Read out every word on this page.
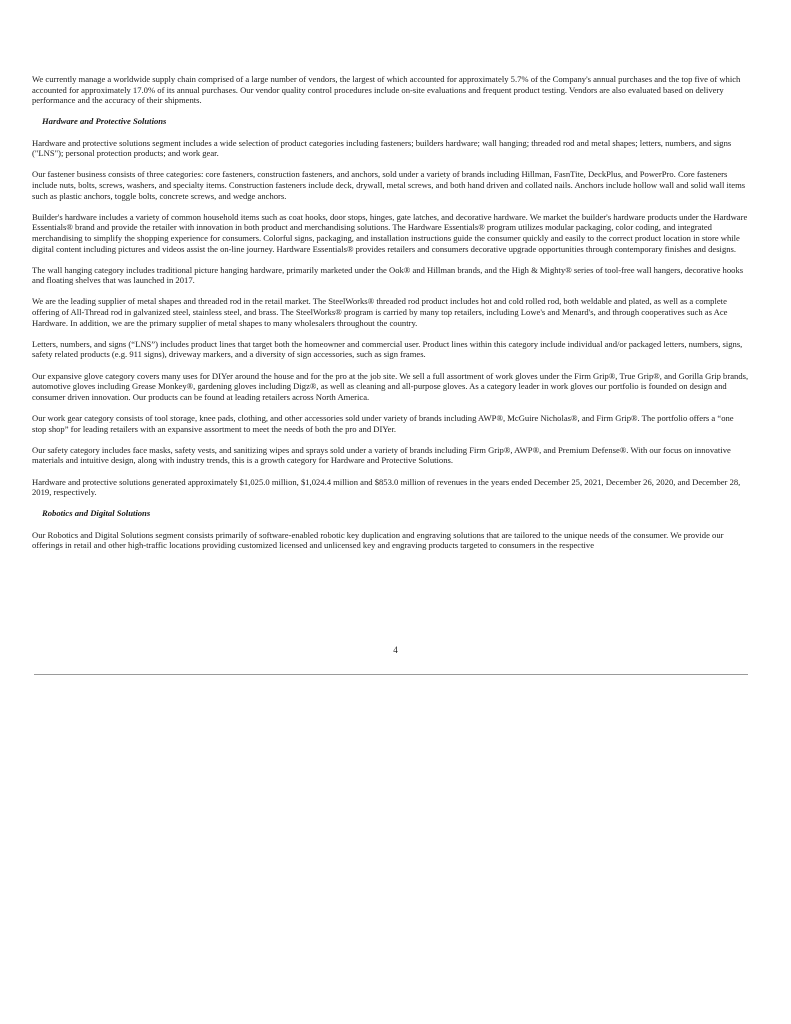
We currently manage a worldwide supply chain comprised of a large number of vendors, the largest of which accounted for approximately 5.7% of the Company's annual purchases and the top five of which accounted for approximately 17.0% of its annual purchases. Our vendor quality control procedures include on-site evaluations and frequent product testing. Vendors are also evaluated based on delivery performance and the accuracy of their shipments.

Hardware and Protective Solutions

Hardware and protective solutions segment includes a wide selection of product categories including fasteners; builders hardware; wall hanging; threaded rod and metal shapes; letters, numbers, and signs ("LNS"); personal protection products; and work gear.

Our fastener business consists of three categories: core fasteners, construction fasteners, and anchors, sold under a variety of brands including Hillman, FasnTite, DeckPlus, and PowerPro. Core fasteners include nuts, bolts, screws, washers, and specialty items. Construction fasteners include deck, drywall, metal screws, and both hand driven and collated nails. Anchors include hollow wall and solid wall items such as plastic anchors, toggle bolts, concrete screws, and wedge anchors.

Builder's hardware includes a variety of common household items such as coat hooks, door stops, hinges, gate latches, and decorative hardware. We market the builder's hardware products under the Hardware Essentials® brand and provide the retailer with innovation in both product and merchandising solutions. The Hardware Essentials® program utilizes modular packaging, color coding, and integrated merchandising to simplify the shopping experience for consumers. Colorful signs, packaging, and installation instructions guide the consumer quickly and easily to the correct product location in store while digital content including pictures and videos assist the on-line journey. Hardware Essentials® provides retailers and consumers decorative upgrade opportunities through contemporary finishes and designs.

The wall hanging category includes traditional picture hanging hardware, primarily marketed under the Ook® and Hillman brands, and the High & Mighty® series of tool-free wall hangers, decorative hooks and floating shelves that was launched in 2017.

We are the leading supplier of metal shapes and threaded rod in the retail market. The SteelWorks® threaded rod product includes hot and cold rolled rod, both weldable and plated, as well as a complete offering of All-Thread rod in galvanized steel, stainless steel, and brass. The SteelWorks® program is carried by many top retailers, including Lowe's and Menard's, and through cooperatives such as Ace Hardware. In addition, we are the primary supplier of metal shapes to many wholesalers throughout the country.

Letters, numbers, and signs (“LNS”) includes product lines that target both the homeowner and commercial user. Product lines within this category include individual and/or packaged letters, numbers, signs, safety related products (e.g. 911 signs), driveway markers, and a diversity of sign accessories, such as sign frames.

Our expansive glove category covers many uses for DIYer around the house and for the pro at the job site. We sell a full assortment of work gloves under the Firm Grip®, True Grip®, and Gorilla Grip brands, automotive gloves including Grease Monkey®, gardening gloves including Digz®, as well as cleaning and all-purpose gloves. As a category leader in work gloves our portfolio is founded on design and consumer driven innovation. Our products can be found at leading retailers across North America.

Our work gear category consists of tool storage, knee pads, clothing, and other accessories sold under variety of brands including AWP®, McGuire Nicholas®, and Firm Grip®. The portfolio offers a “one stop shop” for leading retailers with an expansive assortment to meet the needs of both the pro and DIYer.

Our safety category includes face masks, safety vests, and sanitizing wipes and sprays sold under a variety of brands including Firm Grip®, AWP®, and Premium Defense®. With our focus on innovative materials and intuitive design, along with industry trends, this is a growth category for Hardware and Protective Solutions.

Hardware and protective solutions generated approximately $1,025.0 million, $1,024.4 million and $853.0 million of revenues in the years ended December 25, 2021, December 26, 2020, and December 28, 2019, respectively.

Robotics and Digital Solutions

Our Robotics and Digital Solutions segment consists primarily of software-enabled robotic key duplication and engraving solutions that are tailored to the unique needs of the consumer. We provide our offerings in retail and other high-traffic locations providing customized licensed and unlicensed key and engraving products targeted to consumers in the respective

4
